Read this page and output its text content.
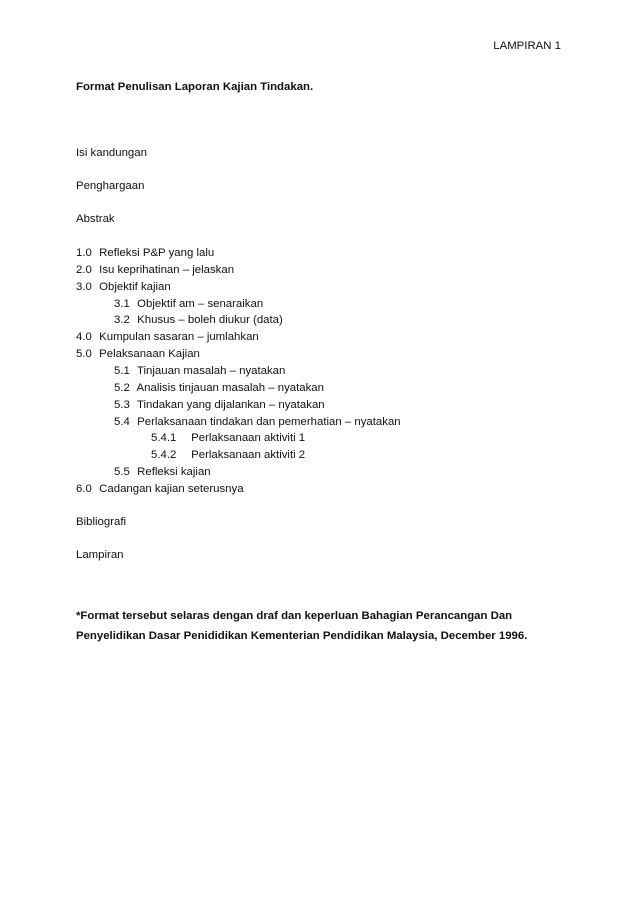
LAMPIRAN 1
Format Penulisan Laporan Kajian Tindakan.
Isi kandungan
Penghargaan
Abstrak
1.0 Refleksi P&P yang lalu
2.0 Isu keprihatinan – jelaskan
3.0 Objektif kajian
3.1 Objektif am – senaraikan
3.2 Khusus – boleh diukur (data)
4.0 Kumpulan sasaran – jumlahkan
5.0 Pelaksanaan Kajian
5.1 Tinjauan masalah – nyatakan
5.2 Analisis tinjauan masalah – nyatakan
5.3 Tindakan yang dijalankan – nyatakan
5.4 Perlaksanaan tindakan dan pemerhatian – nyatakan
5.4.1 Perlaksanaan aktiviti 1
5.4.2 Perlaksanaan aktiviti 2
5.5 Refleksi kajian
6.0 Cadangan kajian seterusnya
Bibliografi
Lampiran
*Format tersebut selaras dengan draf dan keperluan Bahagian Perancangan Dan Penyelidikan Dasar Penididikan Kementerian Pendidikan Malaysia, December 1996.
